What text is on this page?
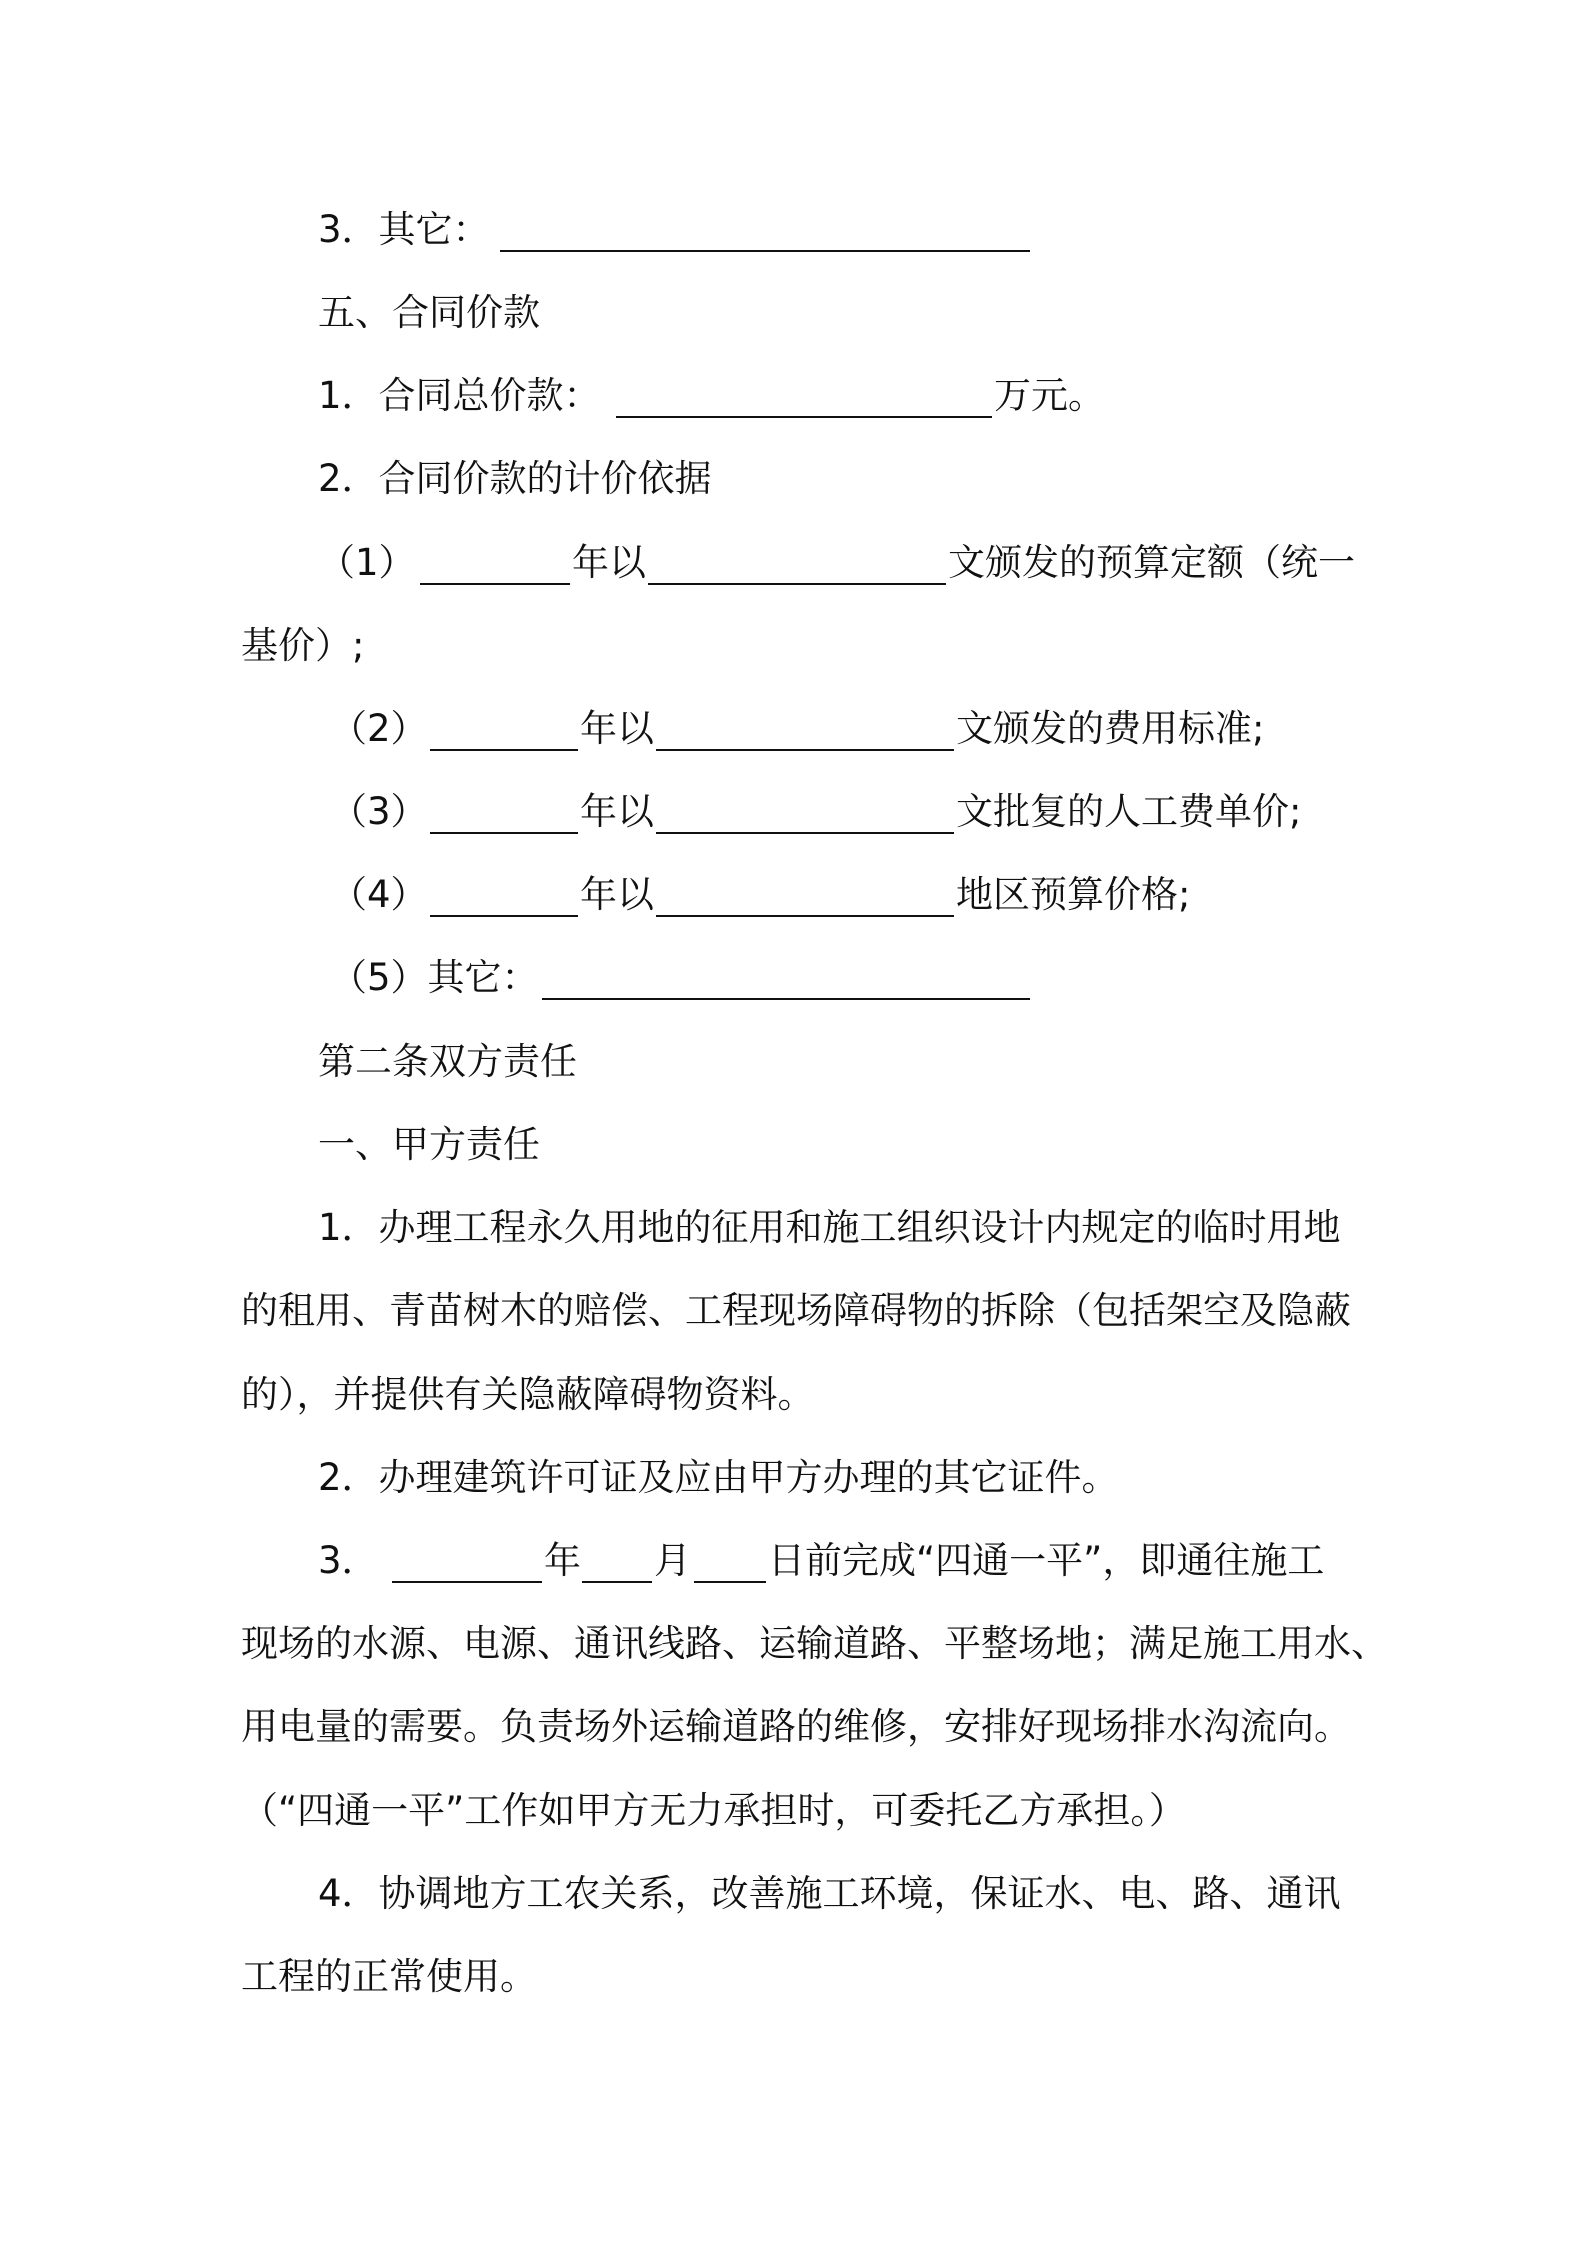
3．其它：
五、合同价款
1．合同总价款：	万元。
2．合同价款的计价依据
（1）	年以	文颁发的预算定额（统一
基价）;
（2）	年以	文颁发的费用标准;
（3）	年以	文批复的人工费单价;
（4）	年以	地区预算价格;
（5）其它：
第二条双方责任
一、甲方责任
1．办理工程永久用地的征用和施工组织设计内规定的临时用地
的租用、青苗树木的赔偿、工程现场障碍物的拆除（包括架空及隐蔽
的），并提供有关隐蔽障碍物资料。
2．办理建筑许可证及应由甲方办理的其它证件。
3．	年 月 日前完成“四通一平”，即通往施工
现场的水源、电源、通讯线路、运输道路、平整场地；满足施工用水、
用电量的需要。负责场外运输道路的维修，安排好现场排水沟流向。
（“四通一平”工作如甲方无力承担时，可委托乙方承担。）
4．协调地方工农关系，改善施工环境，保证水、电、路、通讯
工程的正常使用。
